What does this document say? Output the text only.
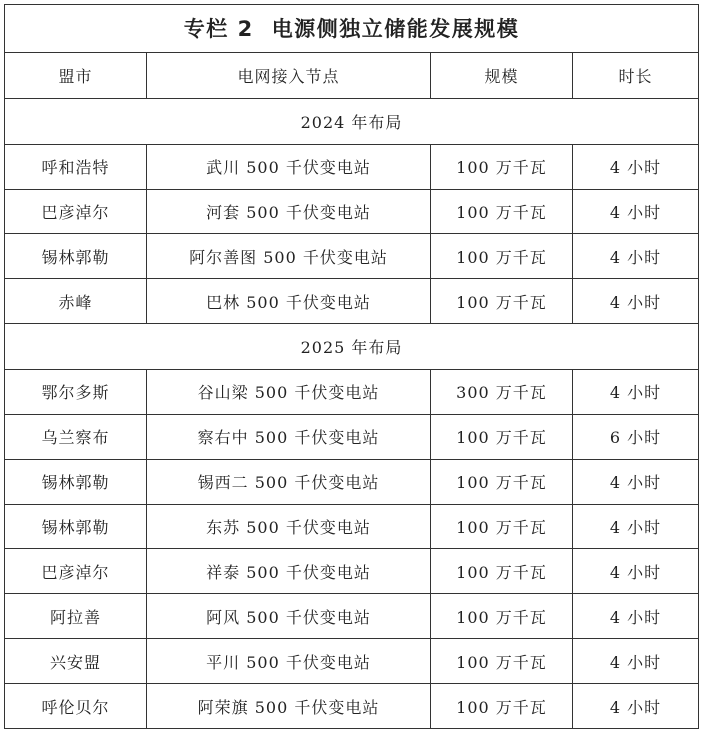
专栏 2 电源侧独立储能发展规模			
盟市	电网接入节点	规模	时长
2024 年布局			
呼和浩特	武川 500 千伏变电站	100 万千瓦	4 小时
巴彦淖尔	河套 500 千伏变电站	100 万千瓦	4 小时
锡林郭勒	阿尔善图 500 千伏变电站	100 万千瓦	4 小时
赤峰	巴林 500 千伏变电站	100 万千瓦	4 小时
2025 年布局			
鄂尔多斯	谷山梁 500 千伏变电站	300 万千瓦	4 小时
乌兰察布	察右中 500 千伏变电站	100 万千瓦	6 小时
锡林郭勒	锡西二 500 千伏变电站	100 万千瓦	4 小时
锡林郭勒	东苏 500 千伏变电站	100 万千瓦	4 小时
巴彦淖尔	祥泰 500 千伏变电站	100 万千瓦	4 小时
阿拉善	阿风 500 千伏变电站	100 万千瓦	4 小时
兴安盟	平川 500 千伏变电站	100 万千瓦	4 小时
呼伦贝尔	阿荣旗 500 千伏变电站	100 万千瓦	4 小时
